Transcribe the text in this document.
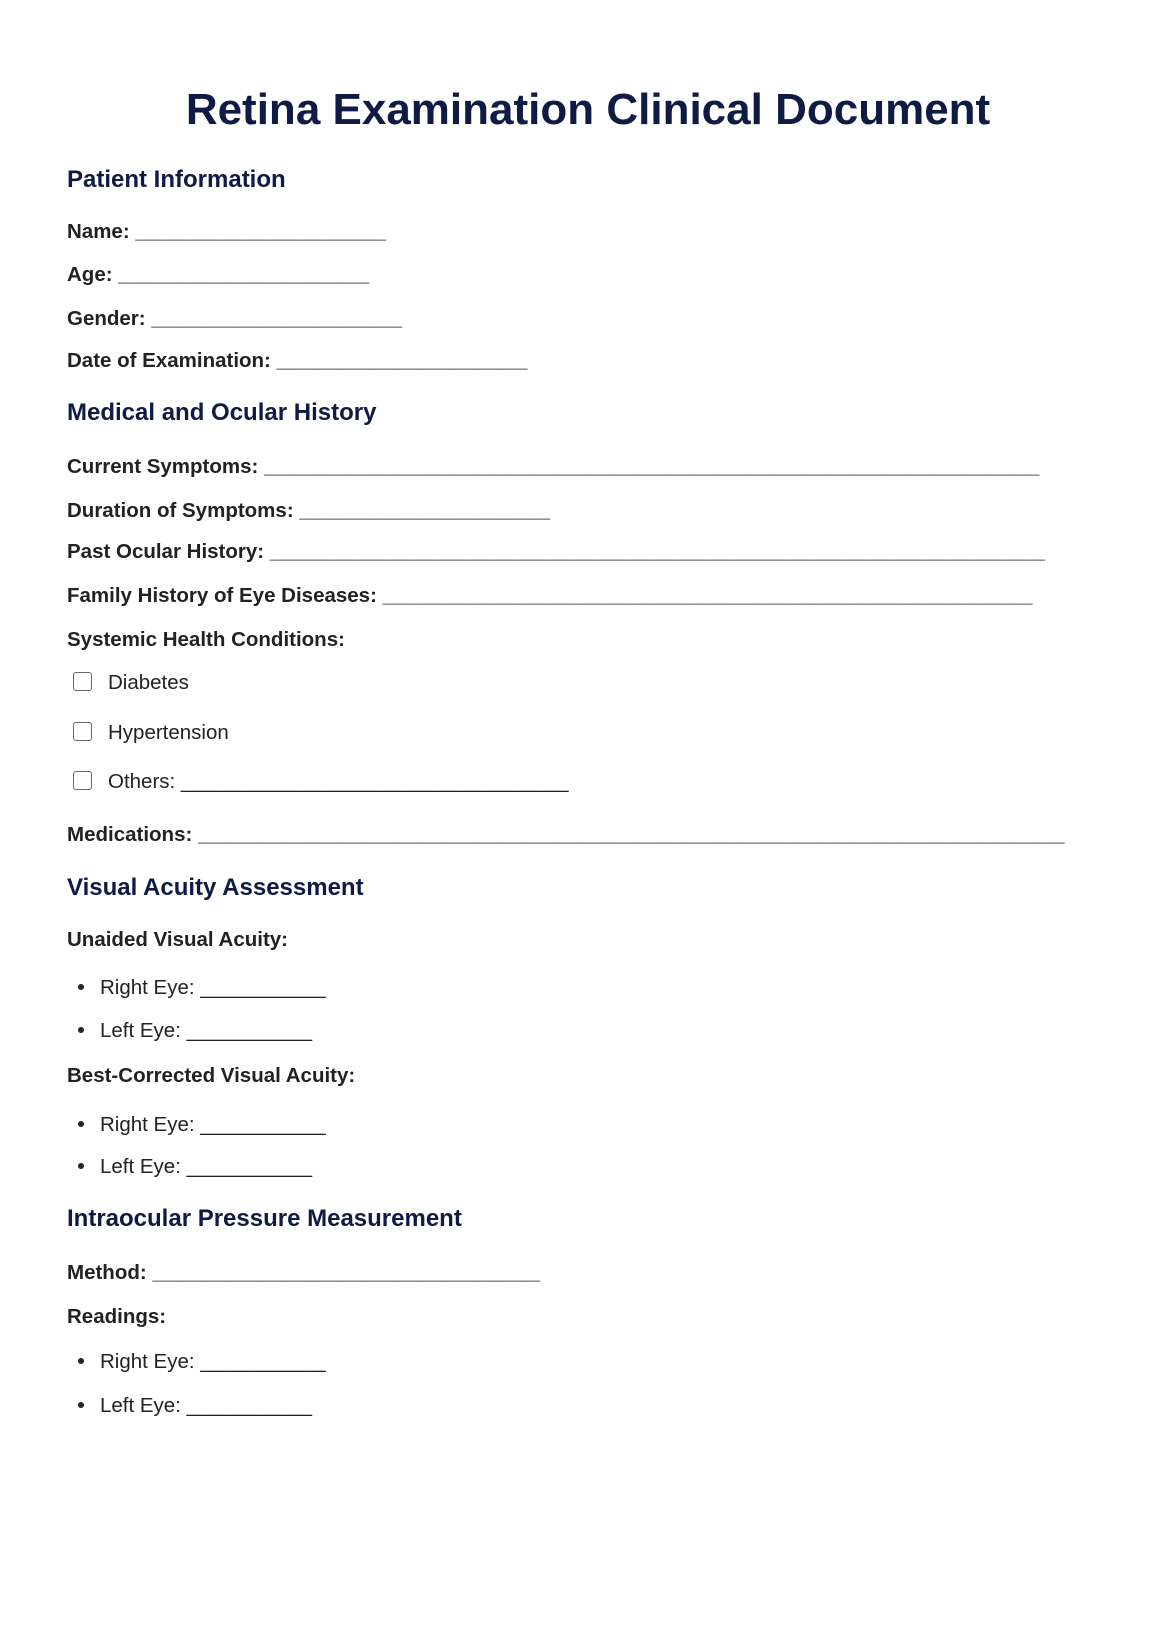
Retina Examination Clinical Document
Patient Information
Name: ______________________
Age: ______________________
Gender: ______________________
Date of Examination: ______________________
Medical and Ocular History
Current Symptoms: ____________________________________________________________________
Duration of Symptoms: ______________________
Past Ocular History: ____________________________________________________________________
Family History of Eye Diseases: _________________________________________________________
Systemic Health Conditions:
Diabetes
Hypertension
Others: __________________________________
Medications: ____________________________________________________________________________
Visual Acuity Assessment
Unaided Visual Acuity:
Right Eye: ___________
Left Eye: ___________
Best-Corrected Visual Acuity:
Right Eye: ___________
Left Eye: ___________
Intraocular Pressure Measurement
Method: __________________________________
Readings:
Right Eye: ___________
Left Eye: ___________
